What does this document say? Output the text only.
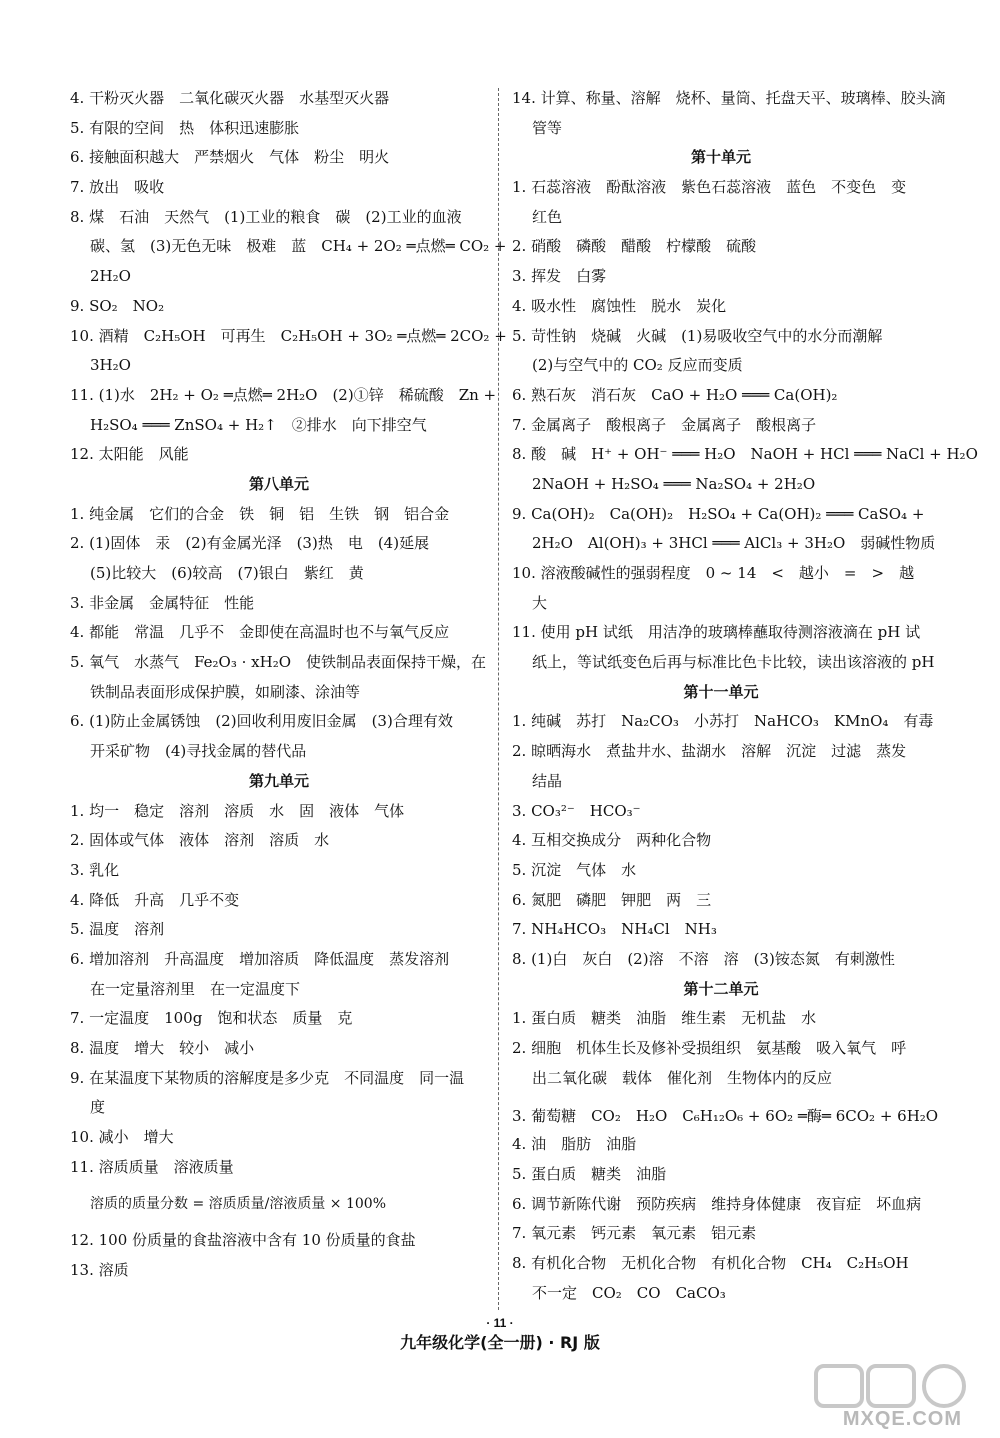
4. 干粉灭火器　二氧化碳灭火器　水基型灭火器
5. 有限的空间　热　体积迅速膨胀
6. 接触面积越大　严禁烟火　气体　粉尘　明火
7. 放出　吸收
8. 煤　石油　天然气　(1)工业的粮食　碳　(2)工业的血液
碳、氢　(3)无色无味　极难　蓝　CH₄ + 2O₂ ═点燃═ CO₂ +
2H₂O
9. SO₂　NO₂
10. 酒精　C₂H₅OH　可再生　C₂H₅OH + 3O₂ ═点燃═ 2CO₂ +
3H₂O
11. (1)水　2H₂ + O₂ ═点燃═ 2H₂O　(2)①锌　稀硫酸　Zn +
H₂SO₄ ═══ ZnSO₄ + H₂↑　②排水　向下排空气
12. 太阳能　风能
第八单元
1. 纯金属　它们的合金　铁　铜　铝　生铁　钢　铝合金
2. (1)固体　汞　(2)有金属光泽　(3)热　电　(4)延展
(5)比较大　(6)较高　(7)银白　紫红　黄
3. 非金属　金属特征　性能
4. 都能　常温　几乎不　金即使在高温时也不与氧气反应
5. 氧气　水蒸气　Fe₂O₃ · xH₂O　使铁制品表面保持干燥，在
铁制品表面形成保护膜，如刷漆、涂油等
6. (1)防止金属锈蚀　(2)回收利用废旧金属　(3)合理有效
开采矿物　(4)寻找金属的替代品
第九单元
1. 均一　稳定　溶剂　溶质　水　固　液体　气体
2. 固体或气体　液体　溶剂　溶质　水
3. 乳化
4. 降低　升高　几乎不变
5. 温度　溶剂
6. 增加溶剂　升高温度　增加溶质　降低温度　蒸发溶剂
在一定量溶剂里　在一定温度下
7. 一定温度　100g　饱和状态　质量　克
8. 温度　增大　较小　减小
9. 在某温度下某物质的溶解度是多少克　不同温度　同一温
度
10. 减小　增大
11. 溶质质量　溶液质量
溶质的质量分数 = 溶质质量/溶液质量 × 100%
12. 100 份质量的食盐溶液中含有 10 份质量的食盐
13. 溶质
14. 计算、称量、溶解　烧杯、量筒、托盘天平、玻璃棒、胶头滴
管等
第十单元
1. 石蕊溶液　酚酞溶液　紫色石蕊溶液　蓝色　不变色　变
红色
2. 硝酸　磷酸　醋酸　柠檬酸　硫酸
3. 挥发　白雾
4. 吸水性　腐蚀性　脱水　炭化
5. 苛性钠　烧碱　火碱　(1)易吸收空气中的水分而潮解
(2)与空气中的 CO₂ 反应而变质
6. 熟石灰　消石灰　CaO + H₂O ═══ Ca(OH)₂
7. 金属离子　酸根离子　金属离子　酸根离子
8. 酸　碱　H⁺ + OH⁻ ═══ H₂O　NaOH + HCl ═══ NaCl + H₂O
2NaOH + H₂SO₄ ═══ Na₂SO₄ + 2H₂O
9. Ca(OH)₂　Ca(OH)₂　H₂SO₄ + Ca(OH)₂ ═══ CaSO₄ +
2H₂O　Al(OH)₃ + 3HCl ═══ AlCl₃ + 3H₂O　弱碱性物质
10. 溶液酸碱性的强弱程度　0 ~ 14　<　越小　=　>　越
大
11. 使用 pH 试纸　用洁净的玻璃棒蘸取待测溶液滴在 pH 试
纸上，等试纸变色后再与标准比色卡比较，读出该溶液的 pH
第十一单元
1. 纯碱　苏打　Na₂CO₃　小苏打　NaHCO₃　KMnO₄　有毒
2. 晾晒海水　煮盐井水、盐湖水　溶解　沉淀　过滤　蒸发
结晶
3. CO₃²⁻　HCO₃⁻
4. 互相交换成分　两种化合物
5. 沉淀　气体　水
6. 氮肥　磷肥　钾肥　两　三
7. NH₄HCO₃　NH₄Cl　NH₃
8. (1)白　灰白　(2)溶　不溶　溶　(3)铵态氮　有刺激性
第十二单元
1. 蛋白质　糖类　油脂　维生素　无机盐　水
2. 细胞　机体生长及修补受损组织　氨基酸　吸入氧气　呼
出二氧化碳　载体　催化剂　生物体内的反应
3. 葡萄糖　CO₂　H₂O　C₆H₁₂O₆ + 6O₂ ═酶═ 6CO₂ + 6H₂O
4. 油　脂肪　油脂
5. 蛋白质　糖类　油脂
6. 调节新陈代谢　预防疾病　维持身体健康　夜盲症　坏血病
7. 氧元素　钙元素　氧元素　铝元素
8. 有机化合物　无机化合物　有机化合物　CH₄　C₂H₅OH
不一定　CO₂　CO　CaCO₃
· 11 ·
九年级化学(全一册) · RJ 版
MXQE.COM
